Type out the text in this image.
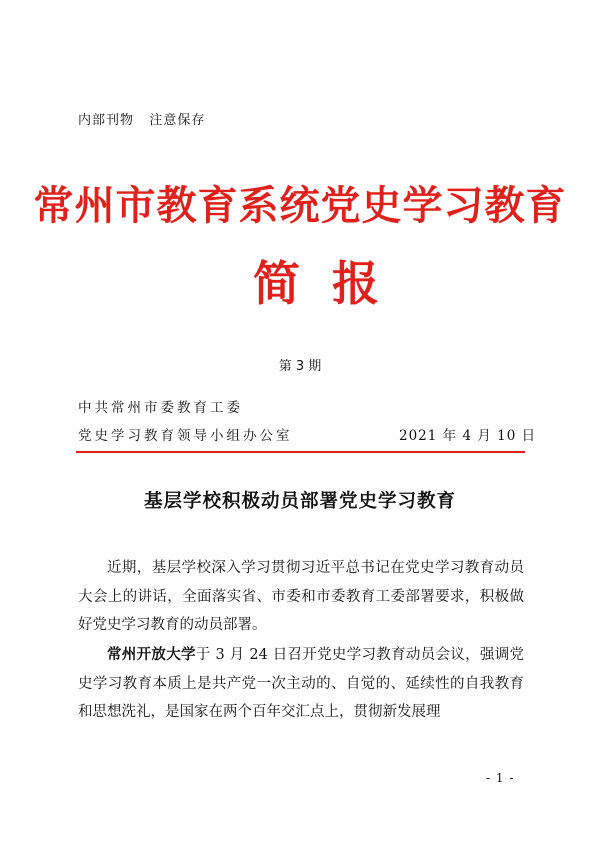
内部刊物   注意保存
常州市教育系统党史学习教育
简报
第 3 期
中共常州市委教育工委
党史学习教育领导小组办公室	2021 年 4 月 10 日
基层学校积极动员部署党史学习教育
近期，基层学校深入学习贯彻习近平总书记在党史学习教育动员大会上的讲话，全面落实省、市委和市委教育工委部署要求，积极做好党史学习教育的动员部署。
常州开放大学于 3 月 24 日召开党史学习教育动员会议，强调党史学习教育本质上是共产党一次主动的、自觉的、延续性的自我教育和思想洗礼，是国家在两个百年交汇点上，贯彻新发展理
- 1 -
